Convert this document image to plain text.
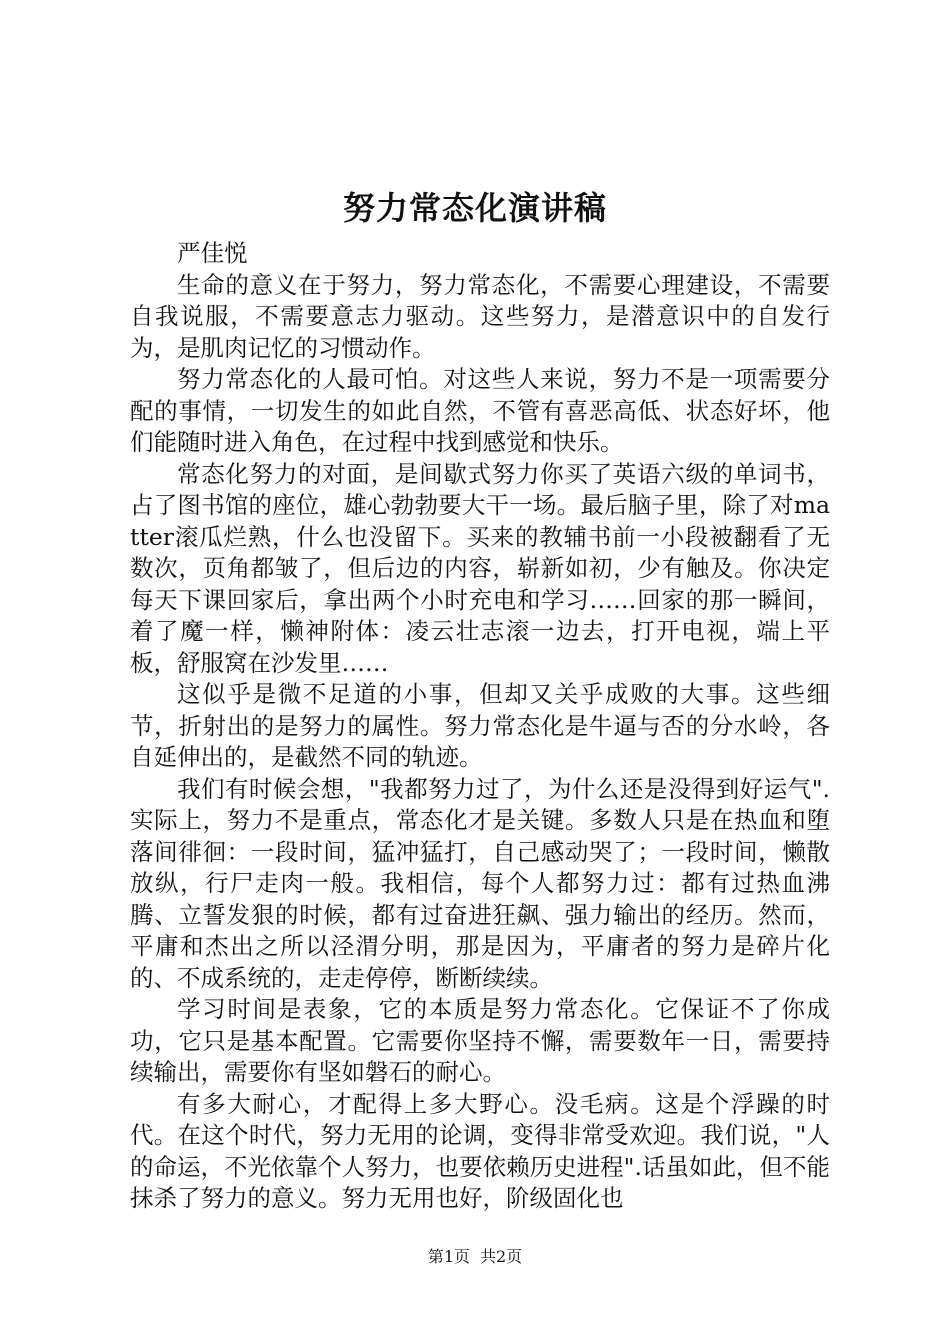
努力常态化演讲稿
严佳悦

生命的意义在于努力，努力常态化，不需要心理建设，不需要自我说服，不需要意志力驱动。这些努力，是潜意识中的自发行为，是肌肉记忆的习惯动作。

努力常态化的人最可怕。对这些人来说，努力不是一项需要分配的事情，一切发生的如此自然，不管有喜恶高低、状态好坏，他们能随时进入角色，在过程中找到感觉和快乐。

常态化努力的对面，是间歇式努力你买了英语六级的单词书，占了图书馆的座位，雄心勃勃要大干一场。最后脑子里，除了对matter滚瓜烂熟，什么也没留下。买来的教辅书前一小段被翻看了无数次，页角都皱了，但后边的内容，崭新如初，少有触及。你决定每天下课回家后，拿出两个小时充电和学习……回家的那一瞬间，着了魔一样，懒神附体：凌云壮志滚一边去，打开电视，端上平板，舒服窝在沙发里……

这似乎是微不足道的小事，但却又关乎成败的大事。这些细节，折射出的是努力的属性。努力常态化是牛逼与否的分水岭，各自延伸出的，是截然不同的轨迹。

我们有时候会想，"我都努力过了，为什么还是没得到好运气".实际上，努力不是重点，常态化才是关键。多数人只是在热血和堕落间徘徊：一段时间，猛冲猛打，自己感动哭了；一段时间，懒散放纵，行尸走肉一般。我相信，每个人都努力过：都有过热血沸腾、立誓发狠的时候，都有过奋进狂飙、强力输出的经历。然而，平庸和杰出之所以泾渭分明，那是因为，平庸者的努力是碎片化的、不成系统的，走走停停，断断续续。

学习时间是表象，它的本质是努力常态化。它保证不了你成功，它只是基本配置。它需要你坚持不懈，需要数年一日，需要持续输出，需要你有坚如磐石的耐心。

有多大耐心，才配得上多大野心。没毛病。这是个浮躁的时代。在这个时代，努力无用的论调，变得非常受欢迎。我们说，"人的命运，不光依靠个人努力，也要依赖历史进程".话虽如此，但不能抹杀了努力的意义。努力无用也好，阶级固化也

第1页 共2页
